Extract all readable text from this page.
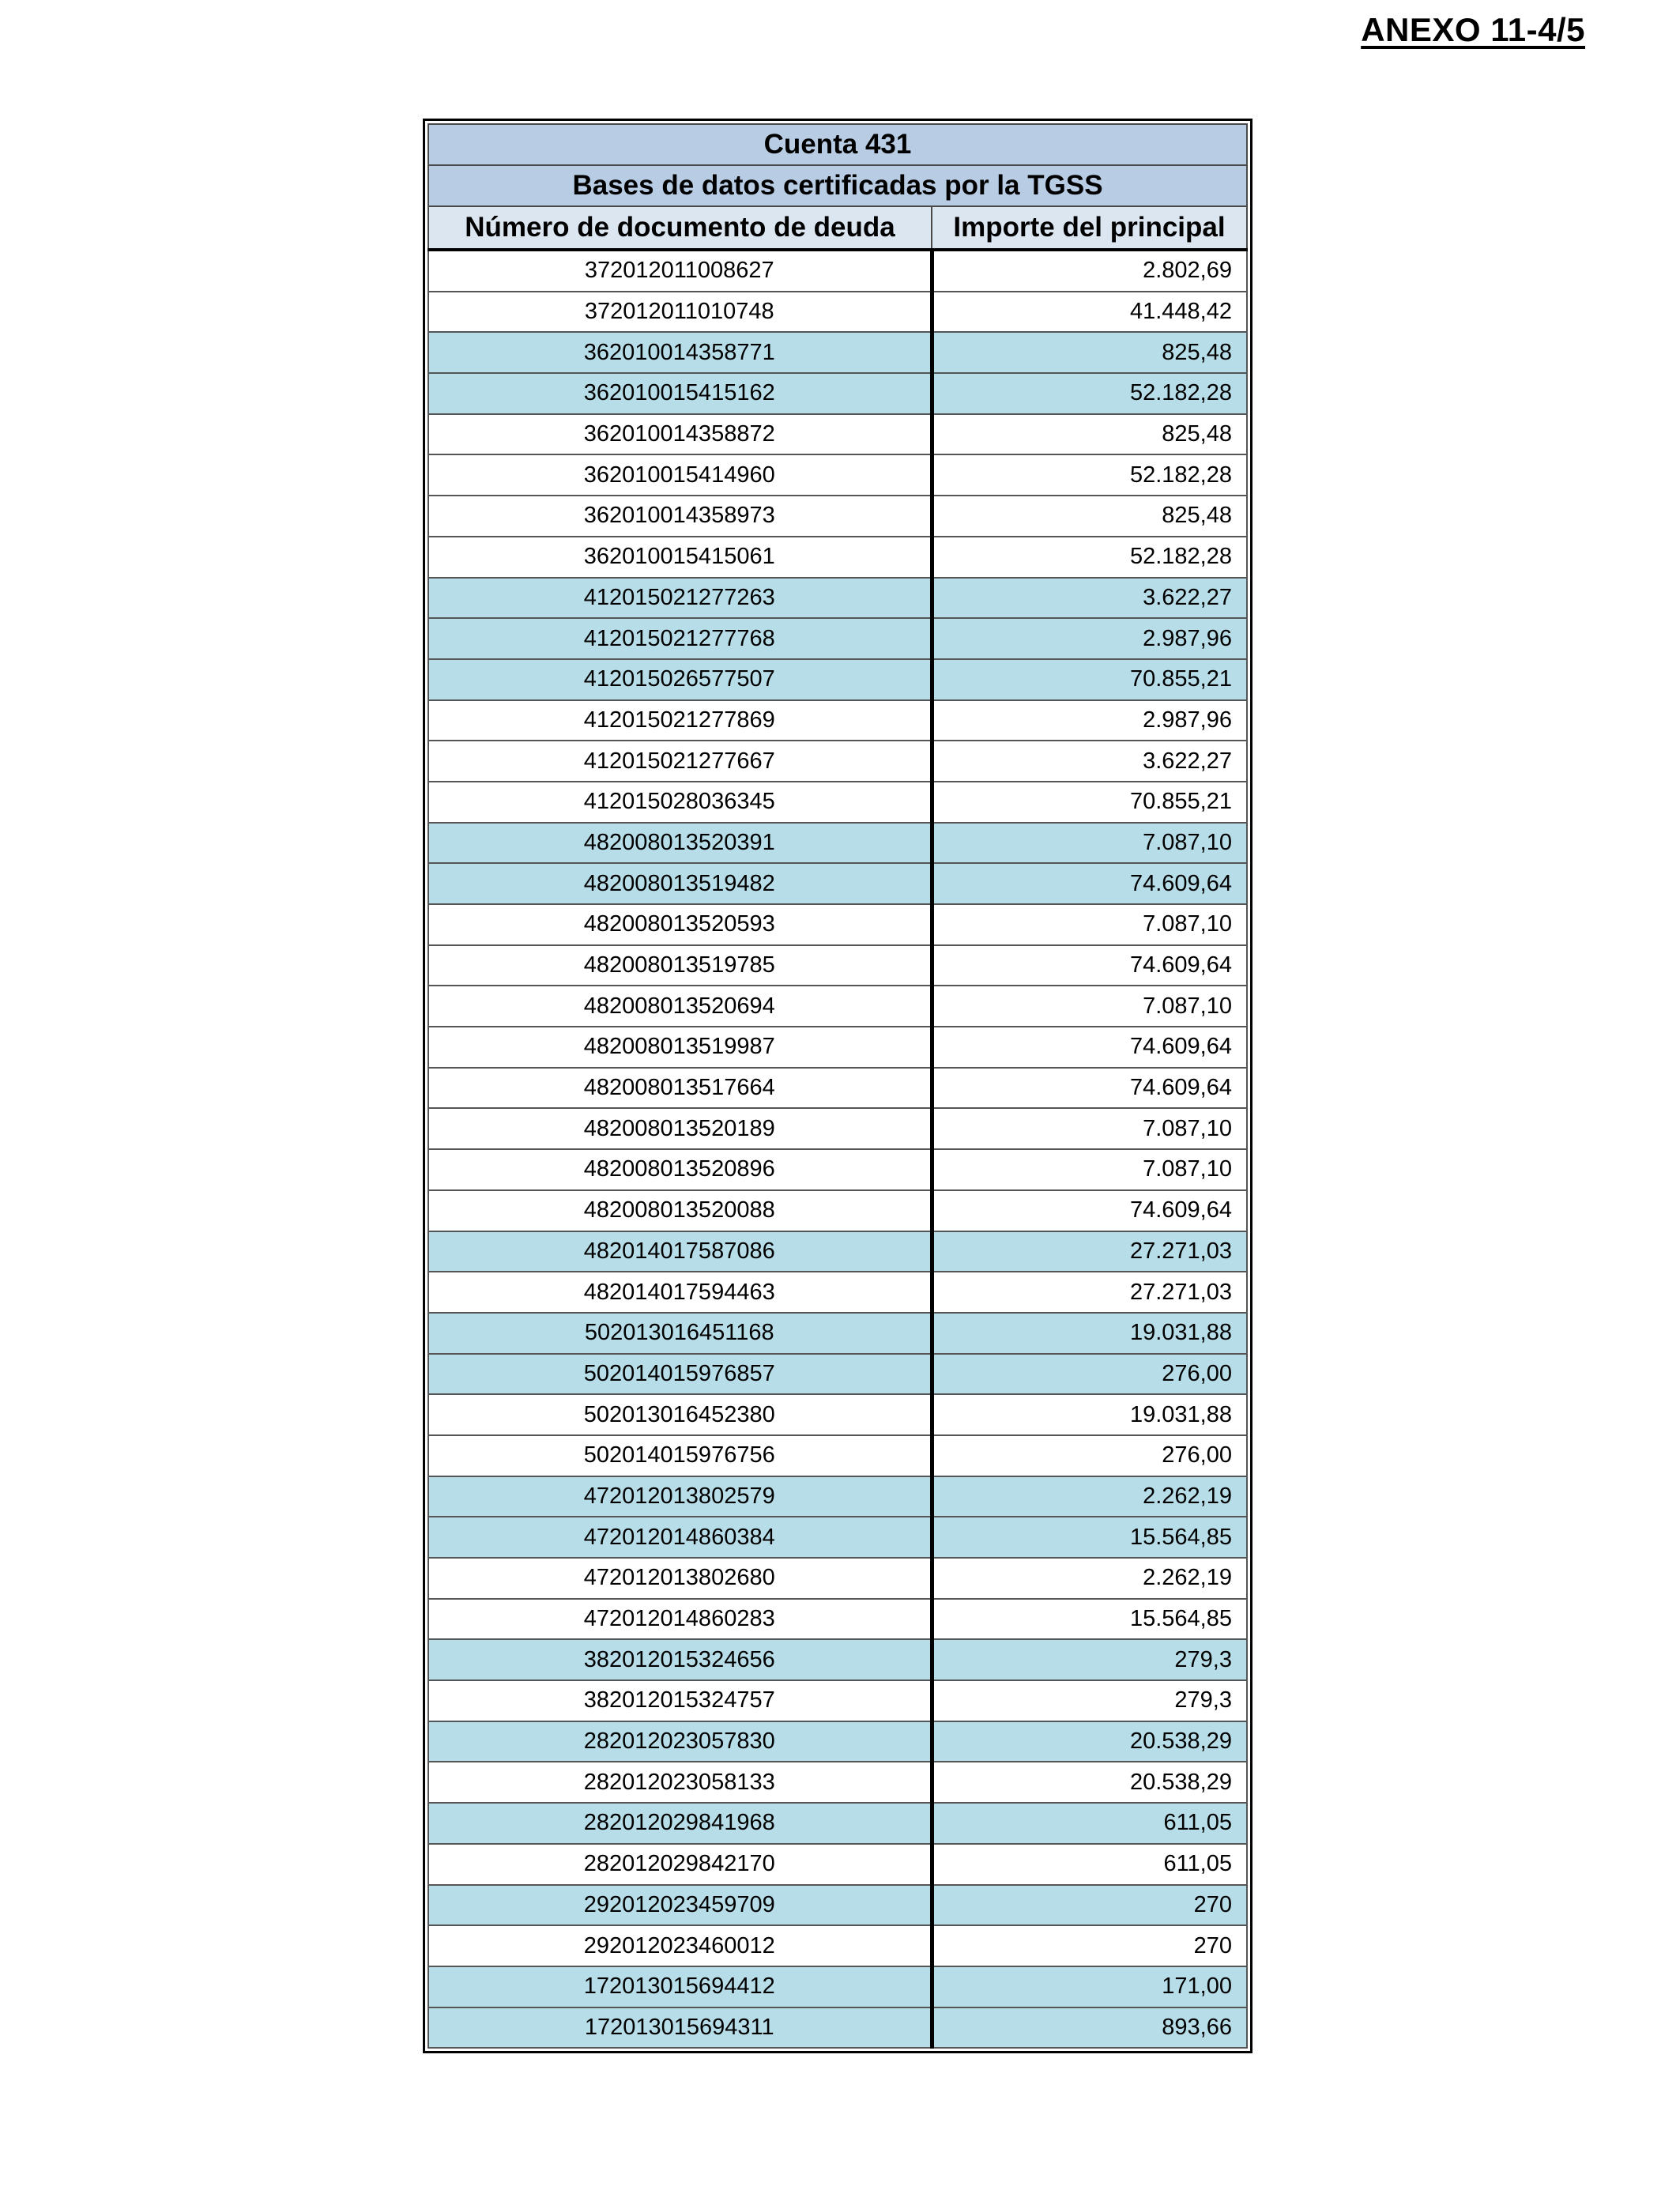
ANEXO 11-4/5
Cuenta 431	
Bases de datos certificadas por la TGSS	
Número de documento de deuda	Importe del principal
372012011008627	2.802,69
372012011010748	41.448,42
362010014358771	825,48
362010015415162	52.182,28
362010014358872	825,48
362010015414960	52.182,28
362010014358973	825,48
362010015415061	52.182,28
412015021277263	3.622,27
412015021277768	2.987,96
412015026577507	70.855,21
412015021277869	2.987,96
412015021277667	3.622,27
412015028036345	70.855,21
482008013520391	7.087,10
482008013519482	74.609,64
482008013520593	7.087,10
482008013519785	74.609,64
482008013520694	7.087,10
482008013519987	74.609,64
482008013517664	74.609,64
482008013520189	7.087,10
482008013520896	7.087,10
482008013520088	74.609,64
482014017587086	27.271,03
482014017594463	27.271,03
502013016451168	19.031,88
502014015976857	276,00
502013016452380	19.031,88
502014015976756	276,00
472012013802579	2.262,19
472012014860384	15.564,85
472012013802680	2.262,19
472012014860283	15.564,85
382012015324656	279,3
382012015324757	279,3
282012023057830	20.538,29
282012023058133	20.538,29
282012029841968	611,05
282012029842170	611,05
292012023459709	270
292012023460012	270
172013015694412	171,00
172013015694311	893,66
